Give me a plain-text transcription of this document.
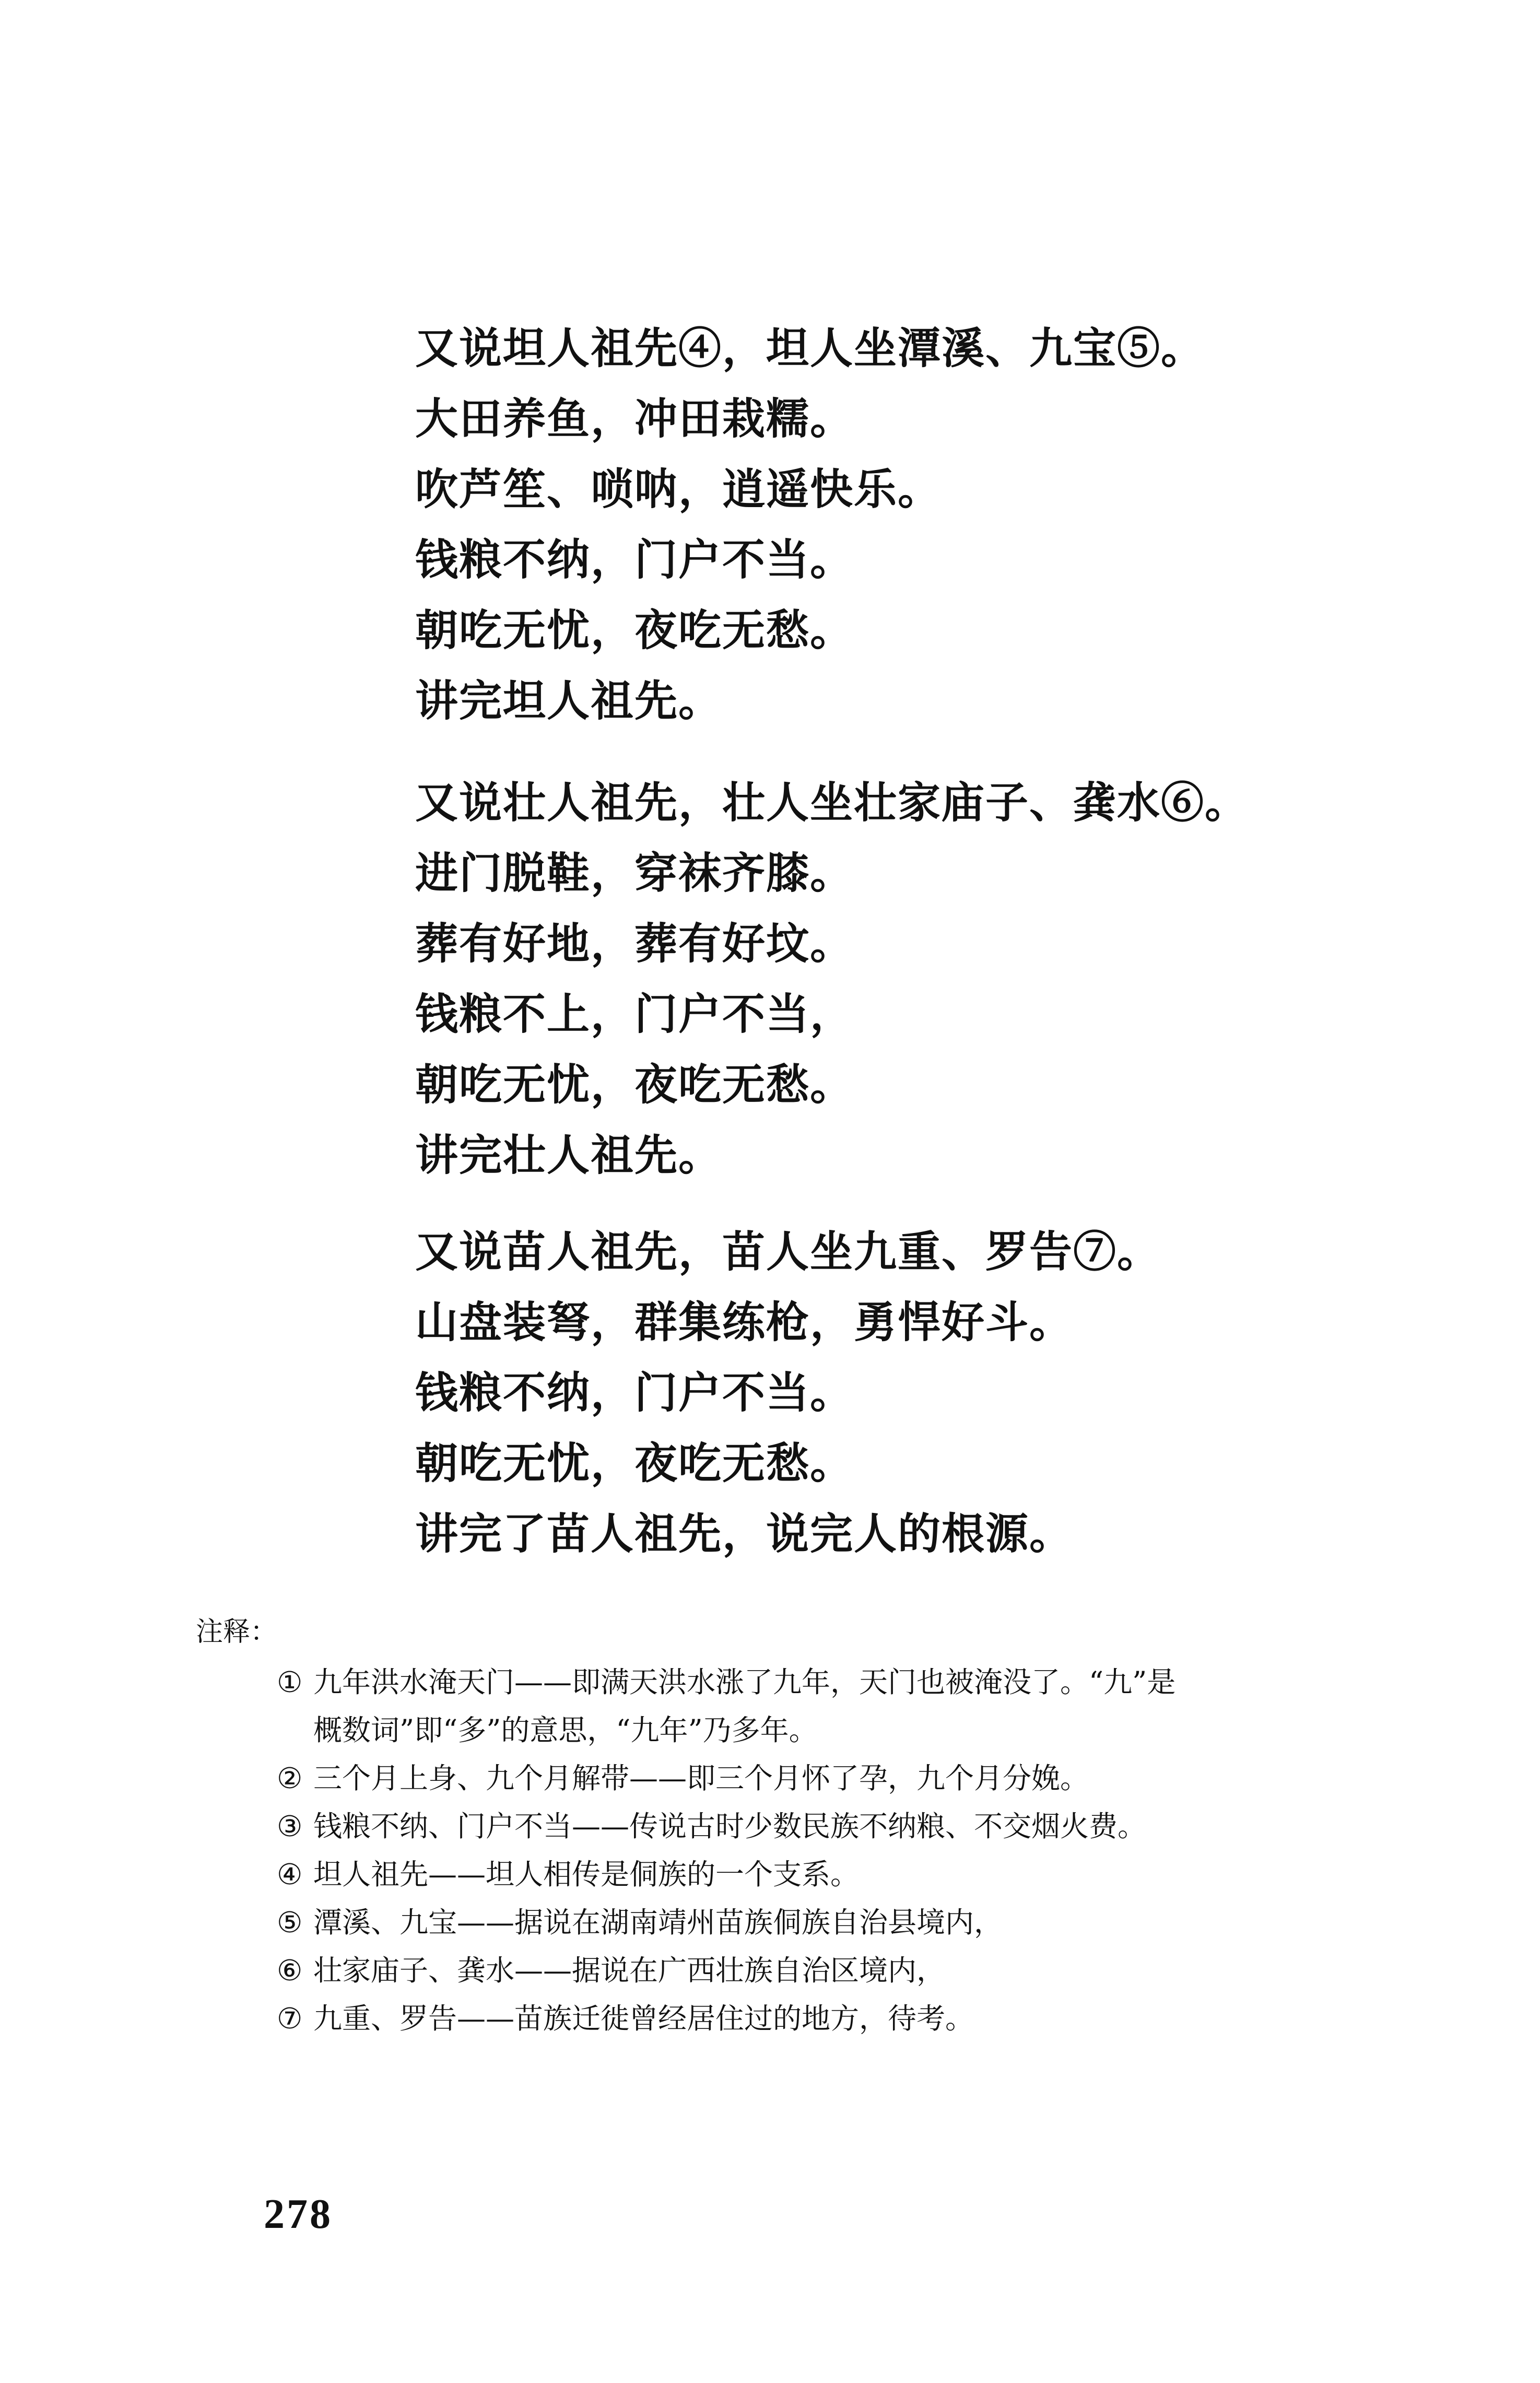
又说坦人祖先④，坦人坐潭溪、九宝⑤。
大田养鱼，冲田栽糯。
吹芦笙、唢呐，逍遥快乐。
钱粮不纳，门户不当。
朝吃无忧，夜吃无愁。
讲完坦人祖先。
又说壮人祖先，壮人坐壮家庙子、龚水⑥。
进门脱鞋，穿袜齐膝。
葬有好地，葬有好坟。
钱粮不上，门户不当，
朝吃无忧，夜吃无愁。
讲完壮人祖先。
又说苗人祖先，苗人坐九重、罗告⑦。
山盘装弩，群集练枪，勇悍好斗。
钱粮不纳，门户不当。
朝吃无忧，夜吃无愁。
讲完了苗人祖先，说完人的根源。
注释：
① 九年洪水淹天门——即满天洪水涨了九年，天门也被淹没了。“九”是
概数词”即“多”的意思，“九年”乃多年。
② 三个月上身、九个月解带——即三个月怀了孕，九个月分娩。
③ 钱粮不纳、门户不当——传说古时少数民族不纳粮、不交烟火费。
④ 坦人祖先——坦人相传是侗族的一个支系。
⑤ 潭溪、九宝——据说在湖南靖州苗族侗族自治县境内，
⑥ 壮家庙子、龚水——据说在广西壮族自治区境内，
⑦ 九重、罗告——苗族迁徙曾经居住过的地方，待考。
278
